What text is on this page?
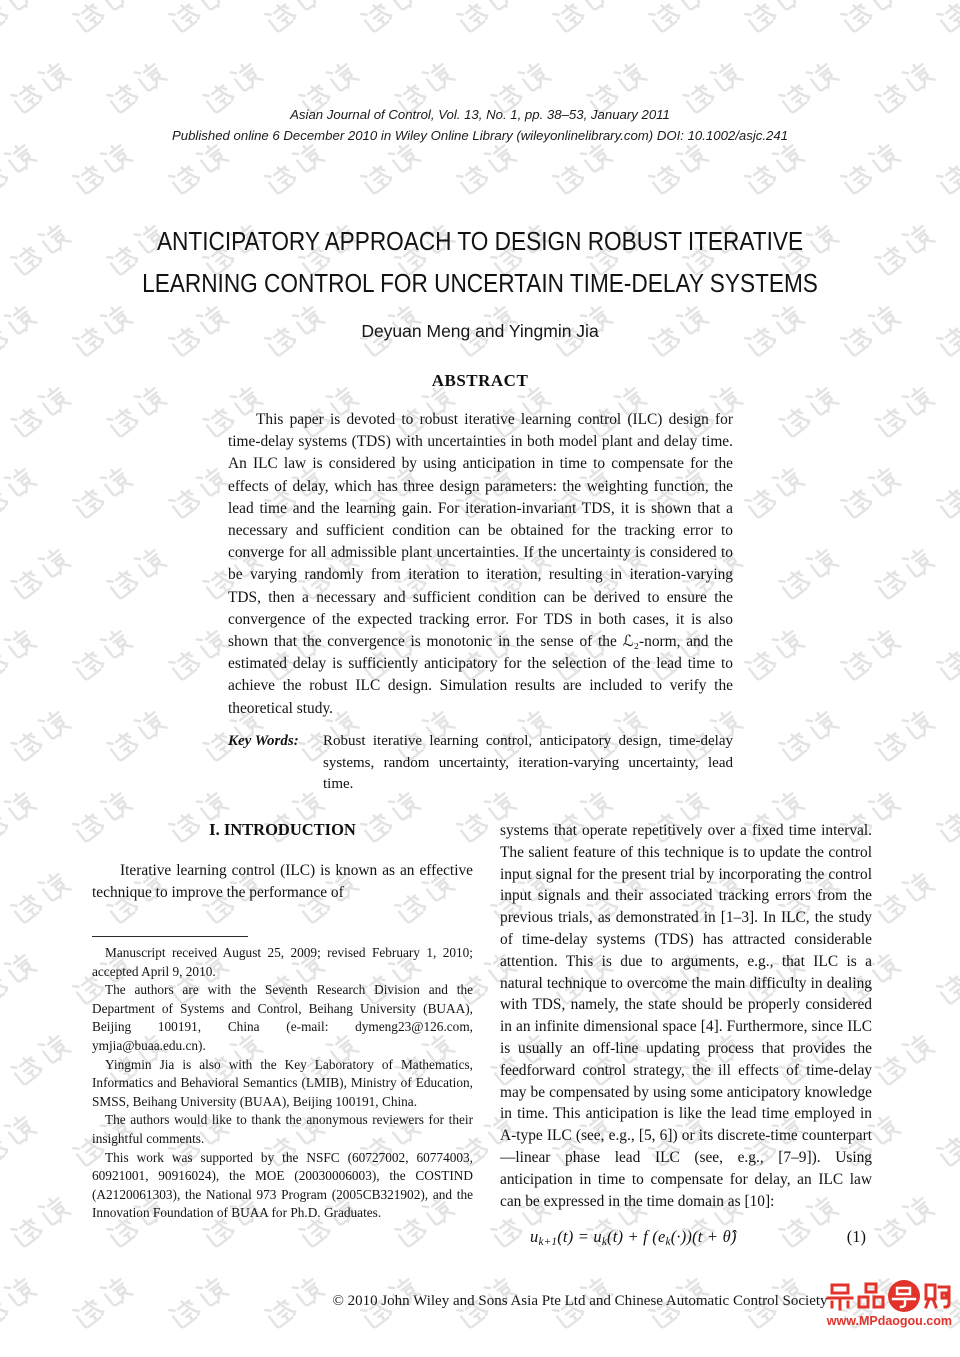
Asian Journal of Control, Vol. 13, No. 1, pp. 38–53, January 2011
Published online 6 December 2010 in Wiley Online Library (wileyonlinelibrary.com) DOI: 10.1002/asjc.241
ANTICIPATORY APPROACH TO DESIGN ROBUST ITERATIVE
LEARNING CONTROL FOR UNCERTAIN TIME-DELAY SYSTEMS
Deyuan Meng and Yingmin Jia
ABSTRACT

This paper is devoted to robust iterative learning control (ILC) design for time-delay systems (TDS) with uncertainties in both model plant and delay time. An ILC law is considered by using anticipation in time to compensate for the effects of delay, which has three design parameters: the weighting function, the lead time and the learning gain. For iteration-invariant TDS, it is shown that a necessary and sufficient condition can be obtained for the tracking error to converge for all admissible plant uncertainties. If the uncertainty is considered to be varying randomly from iteration to iteration, resulting in iteration-varying TDS, then a necessary and sufficient condition can be derived to ensure the convergence of the expected tracking error. For TDS in both cases, it is also shown that the convergence is monotonic in the sense of the ℒ₂-norm, and the estimated delay is sufficiently anticipatory for the selection of the lead time to achieve the robust ILC design. Simulation results are included to verify the theoretical study.

Key Words:	Robust iterative learning control, anticipatory design, time-delay systems, random uncertainty, iteration-varying uncertainty, lead time.
I. INTRODUCTION

Iterative learning control (ILC) is known as an effective technique to improve the performance of

Manuscript received August 25, 2009; revised February 1, 2010; accepted April 9, 2010.

The authors are with the Seventh Research Division and the Department of Systems and Control, Beihang University (BUAA), Beijing 100191, China (e-mail: dymeng23@126.com, ymjia@buaa.edu.cn).

Yingmin Jia is also with the Key Laboratory of Mathematics, Informatics and Behavioral Semantics (LMIB), Ministry of Education, SMSS, Beihang University (BUAA), Beijing 100191, China.

The authors would like to thank the anonymous reviewers for their insightful comments.

This work was supported by the NSFC (60727002, 60774003, 60921001, 90916024), the MOE (20030006003), the COSTIND (A2120061303), the National 973 Program (2005CB321902), and the Innovation Foundation of BUAA for Ph.D. Graduates.

systems that operate repetitively over a fixed time interval. The salient feature of this technique is to update the control input signal for the present trial by incorporating the control input signals and their associated tracking errors from the previous trials, as demonstrated in [1–3]. In ILC, the study of time-delay systems (TDS) has attracted considerable attention. This is due to arguments, e.g., that ILC is a natural technique to overcome the main difficulty in dealing with TDS, namely, the state should be properly considered in an infinite dimensional space [4]. Furthermore, since ILC is usually an off-line updating process that provides the feedforward control strategy, the ill effects of time-delay may be compensated by using some anticipatory knowledge in time. This anticipation is like the lead time employed in A-type ILC (see, e.g., [5, 6]) or its discrete-time counterpart—linear phase lead ILC (see, e.g., [7–9]). Using anticipation in time to compensate for delay, an ILC law can be expressed in the time domain as [10]:

uk+1(t) = uk(t) + f (ek(·))(t + θ̂)	(1)
© 2010 John Wiley and Sons Asia Pte Ltd and Chinese Automatic Control Society
www.MPdaogou.com
